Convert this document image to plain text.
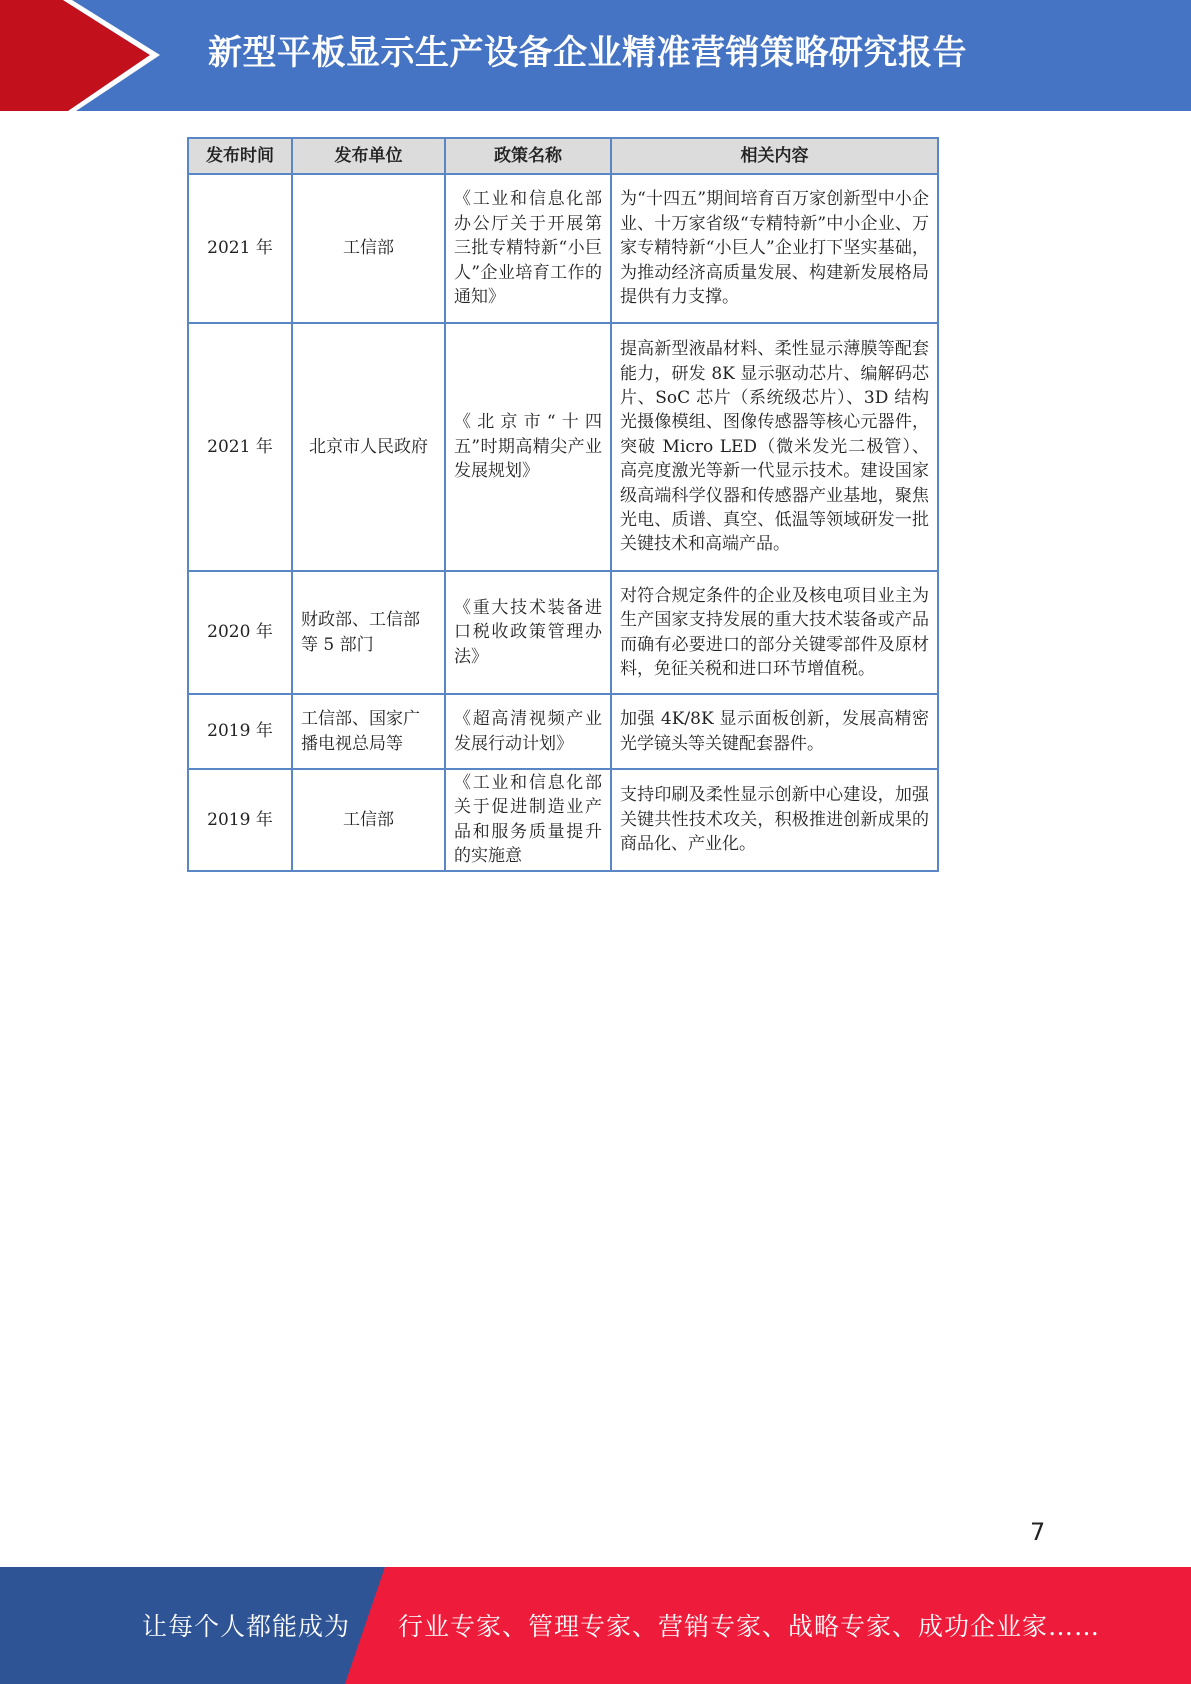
新型平板显示生产设备企业精准营销策略研究报告
发布时间	发布单位	政策名称	相关内容
2021 年	工信部	《工业和信息化部办公厅关于开展第三批专精特新“小巨人”企业培育工作的通知》	为“十四五”期间培育百万家创新型中小企业、十万家省级“专精特新”中小企业、万家专精特新“小巨人”企业打下坚实基础，为推动经济高质量发展、构建新发展格局提供有力支撑。
2021 年	北京市人民政府	《北京市“十四五”时期高精尖产业发展规划》	提高新型液晶材料、柔性显示薄膜等配套能力，研发 8K 显示驱动芯片、编解码芯片、SoC 芯片（系统级芯片）、3D 结构光摄像模组、图像传感器等核心元器件，突破 Micro LED（微米发光二极管）、高亮度激光等新一代显示技术。建设国家级高端科学仪器和传感器产业基地，聚焦光电、质谱、真空、低温等领域研发一批关键技术和高端产品。
2020 年	财政部、工信部等 5 部门	《重大技术装备进口税收政策管理办法》	对符合规定条件的企业及核电项目业主为生产国家支持发展的重大技术装备或产品而确有必要进口的部分关键零部件及原材料，免征关税和进口环节增值税。
2019 年	工信部、国家广播电视总局等	《超高清视频产业发展行动计划》	加强 4K/8K 显示面板创新，发展高精密光学镜头等关键配套器件。
2019 年	工信部	《工业和信息化部关于促进制造业产品和服务质量提升的实施意	支持印刷及柔性显示创新中心建设，加强关键共性技术攻关，积极推进创新成果的商品化、产业化。
7
让每个人都能成为 行业专家、管理专家、营销专家、战略专家、成功企业家……
